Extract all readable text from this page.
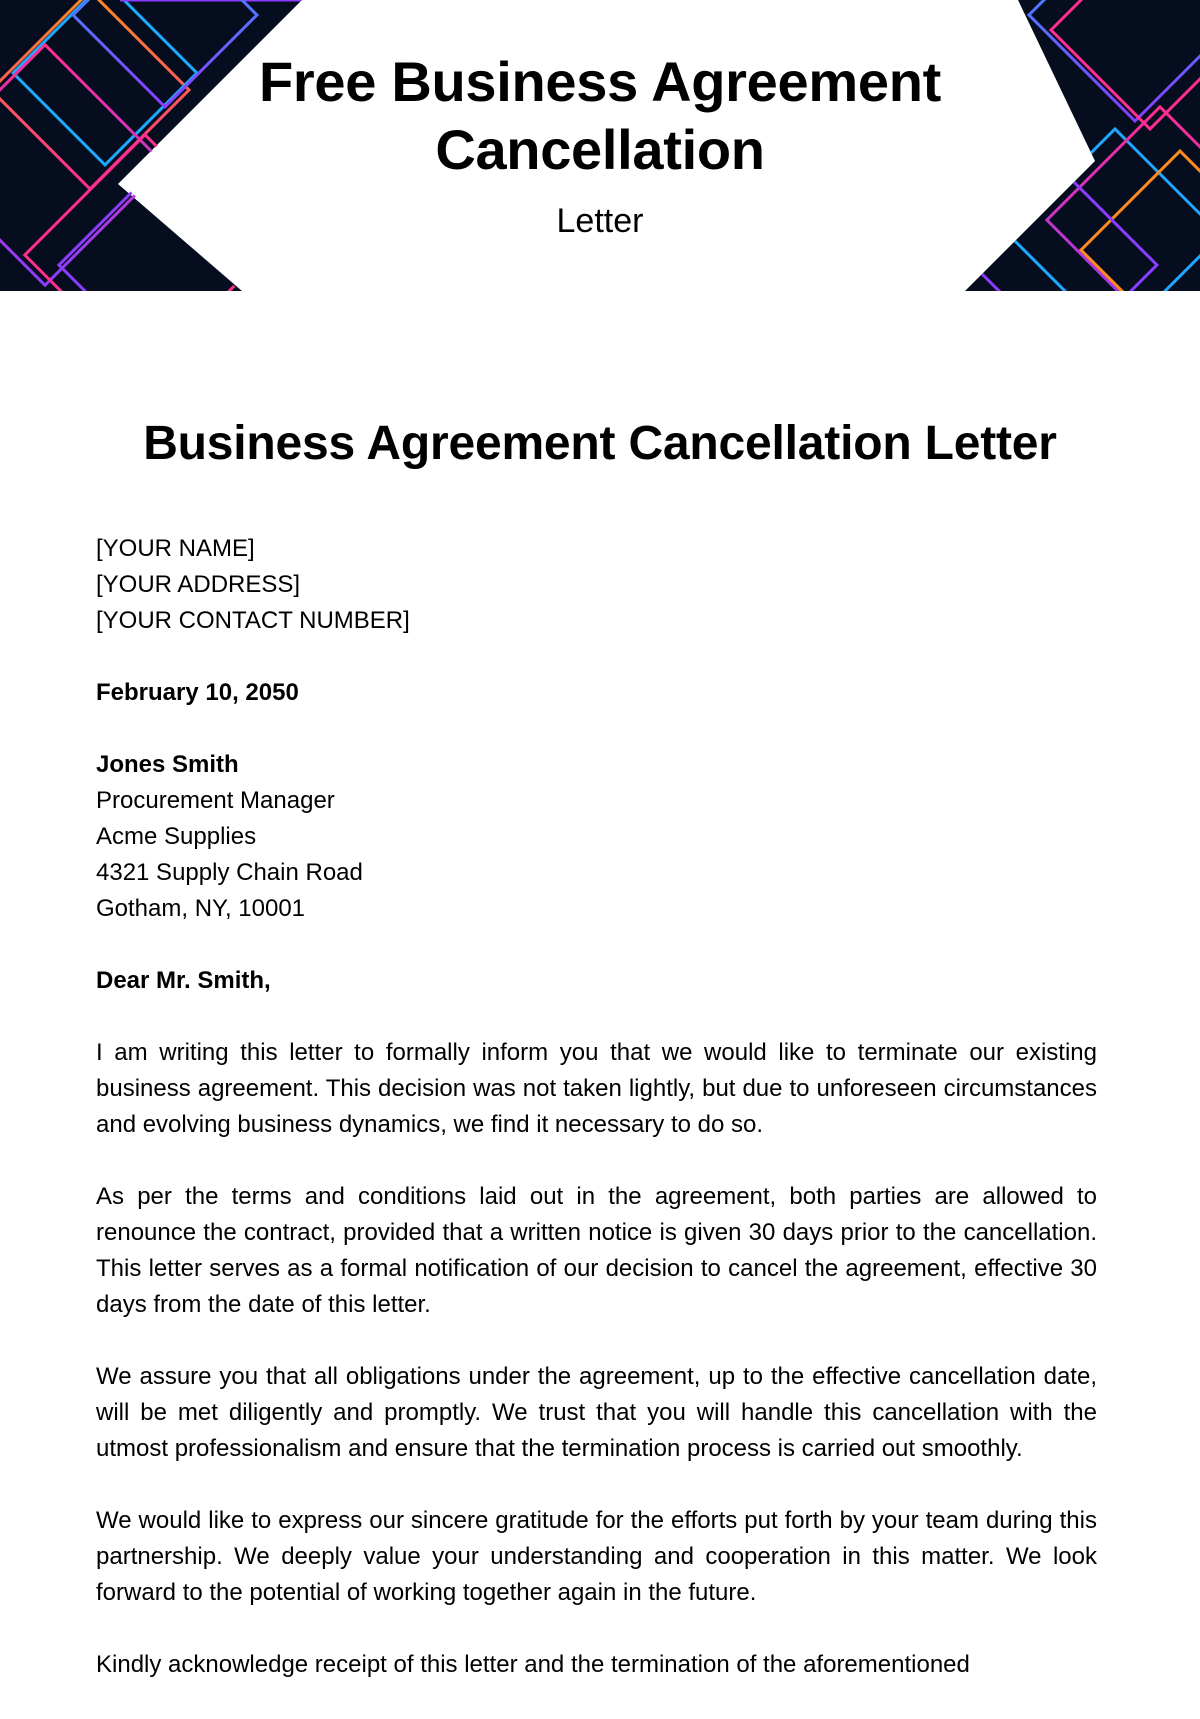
Free Business Agreement Cancellation

Letter

Business Agreement Cancellation Letter
[YOUR NAME]
[YOUR ADDRESS]
[YOUR CONTACT NUMBER]
February 10, 2050
Jones Smith
Procurement Manager
Acme Supplies
4321 Supply Chain Road
Gotham, NY, 10001
Dear Mr. Smith,

I am writing this letter to formally inform you that we would like to terminate our existing business agreement. This decision was not taken lightly, but due to unforeseen circumstances and evolving business dynamics, we find it necessary to do so.

As per the terms and conditions laid out in the agreement, both parties are allowed to renounce the contract, provided that a written notice is given 30 days prior to the cancellation. This letter serves as a formal notification of our decision to cancel the agreement, effective 30 days from the date of this letter.

We assure you that all obligations under the agreement, up to the effective cancellation date, will be met diligently and promptly. We trust that you will handle this cancellation with the utmost professionalism and ensure that the termination process is carried out smoothly.

We would like to express our sincere gratitude for the efforts put forth by your team during this partnership. We deeply value your understanding and cooperation in this matter. We look forward to the potential of working together again in the future.

Kindly acknowledge receipt of this letter and the termination of the aforementioned
